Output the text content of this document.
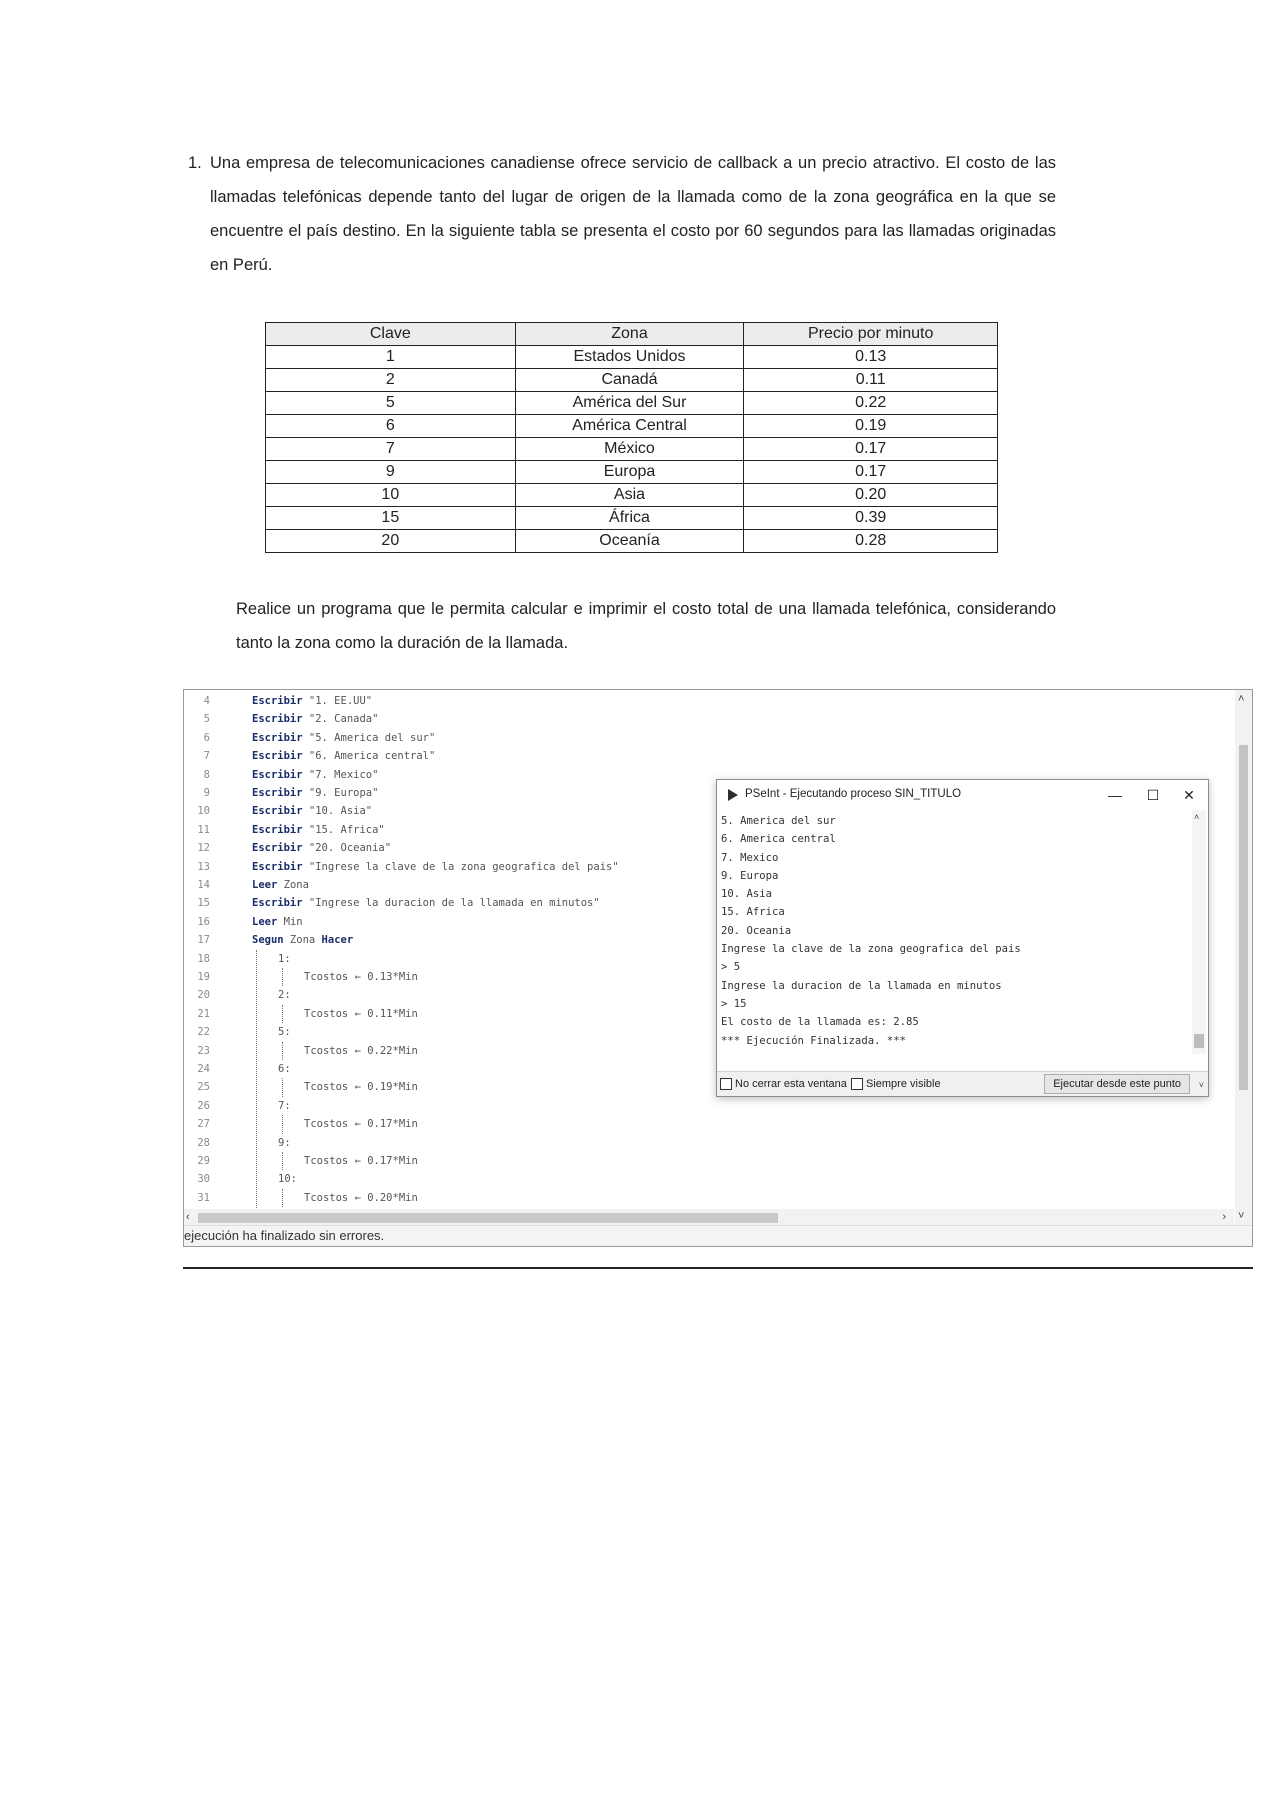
1. Una empresa de telecomunicaciones canadiense ofrece servicio de callback a un precio atractivo. El costo de las llamadas telefónicas depende tanto del lugar de origen de la llamada como de la zona geográfica en la que se encuentre el país destino. En la siguiente tabla se presenta el costo por 60 segundos para las llamadas originadas en Perú.

Clave	Zona	Precio por minuto
1	Estados Unidos	0.13
2	Canadá	0.11
5	América del Sur	0.22
6	América Central	0.19
7	México	0.17
9	Europa	0.17
10	Asia	0.20
15	África	0.39
20	Oceanía	0.28

Realice un programa que le permita calcular e imprimir el costo total de una llamada telefónica, considerando tanto la zona como la duración de la llamada.

4	Escribir "1. EE.UU"
5	Escribir "2. Canada"
6	Escribir "5. America del sur"
7	Escribir "6. America central"
8	Escribir "7. Mexico"
9	Escribir "9. Europa"
10	Escribir "10. Asia"
11	Escribir "15. Africa"
12	Escribir "20. Oceania"
13	Escribir "Ingrese la clave de la zona geografica del pais"
14	Leer Zona
15	Escribir "Ingrese la duracion de la llamada en minutos"
16	Leer Min
17	Segun Zona Hacer
18	1:
19	Tcostos ← 0.13*Min
20	2:
21	Tcostos ← 0.11*Min
22	5:
23	Tcostos ← 0.22*Min
24	6:
25	Tcostos ← 0.19*Min
26	7:
27	Tcostos ← 0.17*Min
28	9:
29	Tcostos ← 0.17*Min
30	10:
31	Tcostos ← 0.20*Min
˄
˅
‹	›
ejecución ha finalizado sin errores.
PSeInt - Ejecutando proceso SIN_TITULO	—	☐	✕
5. America del sur
6. America central
7. Mexico
9. Europa
10. Asia
15. Africa
20. Oceania
Ingrese la clave de la zona geografica del pais
> 5
Ingrese la duracion de la llamada en minutos
> 15
El costo de la llamada es: 2.85
*** Ejecución Finalizada. ***
˄
No cerrar esta ventana Siempre visible	Ejecutar desde este punto	˅
